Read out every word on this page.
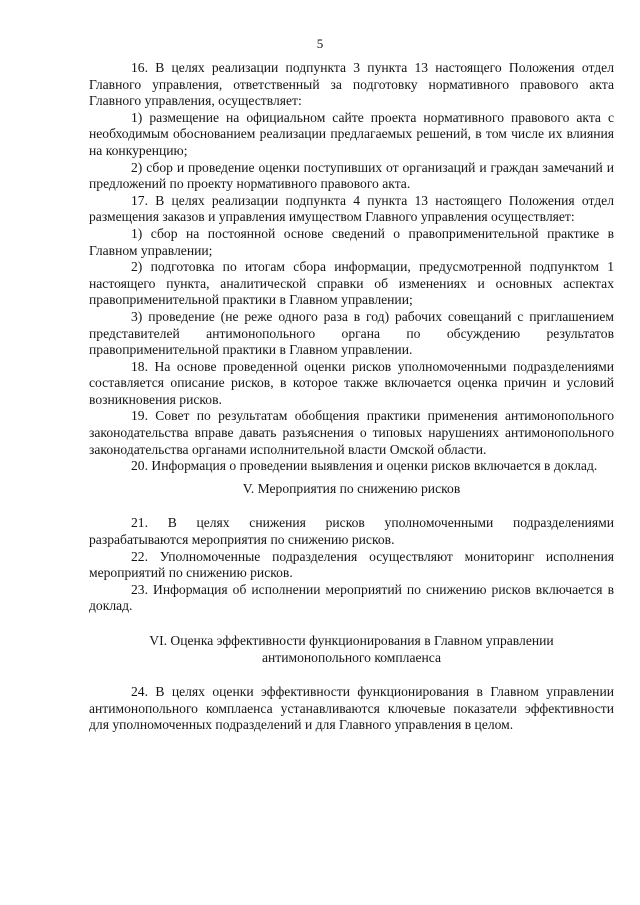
5

16. В целях реализации подпункта 3 пункта 13 настоящего Положения отдел Главного управления, ответственный за подготовку нормативного правового акта Главного управления, осуществляет:

1) размещение на официальном сайте проекта нормативного правового акта с необходимым обоснованием реализации предлагаемых решений, в том числе их влияния на конкуренцию;

2) сбор и проведение оценки поступивших от организаций и граждан замечаний и предложений по проекту нормативного правового акта.

17. В целях реализации подпункта 4 пункта 13 настоящего Положения отдел размещения заказов и управления имуществом Главного управления осуществляет:

1) сбор на постоянной основе сведений о правоприменительной практике в Главном управлении;

2) подготовка по итогам сбора информации, предусмотренной подпунктом 1 настоящего пункта, аналитической справки об изменениях и основных аспектах правоприменительной практики в Главном управлении;

3) проведение (не реже одного раза в год) рабочих совещаний с приглашением представителей антимонопольного органа по обсуждению результатов правоприменительной практики в Главном управлении.

18. На основе проведенной оценки рисков уполномоченными подразделениями составляется описание рисков, в которое также включается оценка причин и условий возникновения рисков.

19. Совет по результатам обобщения практики применения антимонопольного законодательства вправе давать разъяснения о типовых нарушениях антимонопольного законодательства органами исполнительной власти Омской области.

20. Информация о проведении выявления и оценки рисков включается в доклад.

V. Мероприятия по снижению рисков

21. В целях снижения рисков уполномоченными подразделениями разрабатываются мероприятия по снижению рисков.

22. Уполномоченные подразделения осуществляют мониторинг исполнения мероприятий по снижению рисков.

23. Информация об исполнении мероприятий по снижению рисков включается в доклад.

VI. Оценка эффективности функционирования в Главном управлении

антимонопольного комплаенса

24. В целях оценки эффективности функционирования в Главном управлении антимонопольного комплаенса устанавливаются ключевые показатели эффективности для уполномоченных подразделений и для Главного управления в целом.
